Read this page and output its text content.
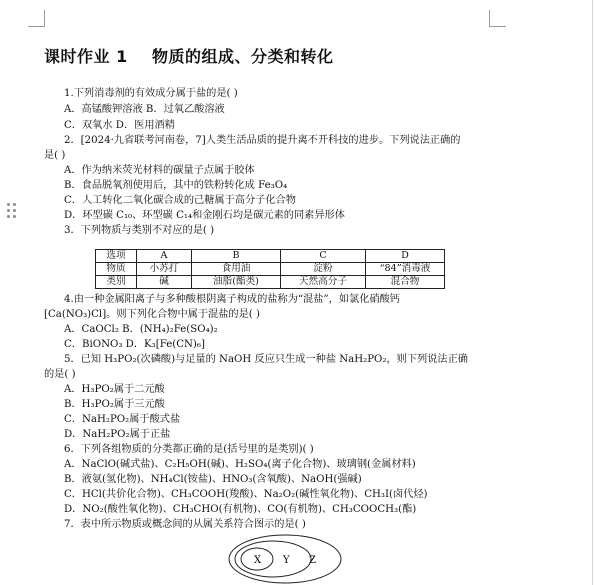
课时作业 1    物质的组成、分类和转化
1.下列消毒剂的有效成分属于盐的是( )
A．高锰酸钾溶液 B．过氧乙酸溶液
C．双氧水 D．医用酒精
2．[2024·九省联考河南卷，7]人类生活品质的提升离不开科技的进步。下列说法正确的
是( )
A．作为纳米荧光材料的碳量子点属于胶体
B．食品脱氧剂使用后，其中的铁粉转化成 Fe₃O₄
C．人工转化二氧化碳合成的己糖属于高分子化合物
D．环型碳 C₁₀、环型碳 C₁₄和金刚石均是碳元素的同素异形体
3．下列物质与类别不对应的是( )
选项	A	B	C	D
物质	小苏打	食用油	淀粉	“84”消毒液
类别	碱	油脂(酯类)	天然高分子	混合物
4.由一种金属阳离子与多种酸根阴离子构成的盐称为“混盐”，如氯化硝酸钙
[Ca(NO₃)Cl]。则下列化合物中属于混盐的是( )
A．CaOCl₂ B．(NH₄)₂Fe(SO₄)₂
C．BiONO₃ D．K₃[Fe(CN)₆]
5．已知 H₃PO₂(次磷酸)与足量的 NaOH 反应只生成一种盐 NaH₂PO₂，则下列说法正确
的是( )
A．H₃PO₂属于二元酸
B．H₃PO₂属于三元酸
C．NaH₂PO₂属于酸式盐
D．NaH₂PO₂属于正盐
6．下列各组物质的分类都正确的是(括号里的是类别)( )
A．NaClO(碱式盐)、C₂H₅OH(碱)、H₂SO₄(离子化合物)、玻璃钢(金属材料)
B．液氨(氢化物)、NH₄Cl(铵盐)、HNO₃(含氧酸)、NaOH(强碱)
C．HCl(共价化合物)、CH₃COOH(羧酸)、Na₂O₂(碱性氧化物)、CH₃I(卤代烃)
D．NO₂(酸性氧化物)、CH₃CHO(有机物)、CO(有机物)、CH₃COOCH₃(酯)
7．表中所示物质或概念间的从属关系符合图示的是( )
X Y Z
